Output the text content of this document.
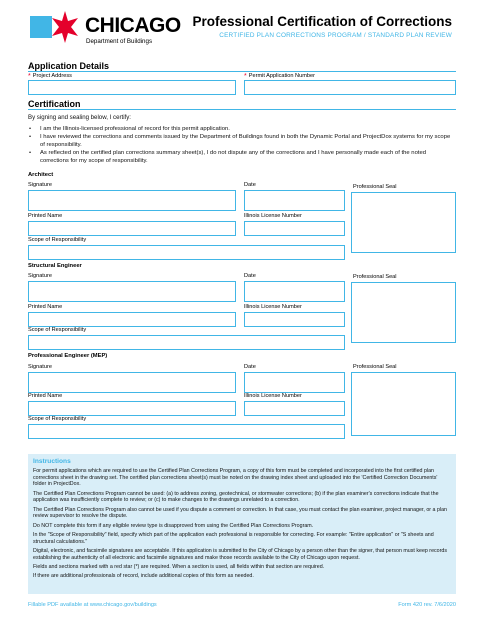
CHICAGO
Department of Buildings
Professional Certification of Corrections
CERTIFIED PLAN CORRECTIONS PROGRAM / STANDARD PLAN REVIEW
Application Details
* Project Address	* Permit Application Number
Certification
By signing and sealing below, I certify:
• I am the Illinois-licensed professional of record for this permit application.
• I have reviewed the corrections and comments issued by the Department of Buildings found in both the Dynamic Portal and ProjectDox systems for my scope of responsibility.
• As reflected on the certified plan corrections summary sheet(s), I do not dispute any of the corrections and I have personally made each of the noted corrections for my scope of responsibility.
Architect
Signature	Date	Professional Seal
Printed Name	Illinois License Number
Scope of Responsibility
Structural Engineer
Signature	Date	Professional Seal
Printed Name	Illinois License Number
Scope of Responsibility
Professional Engineer (MEP)
Signature	Date	Professional Seal
Printed Name	Illinois License Number
Scope of Responsibility
Instructions

For permit applications which are required to use the Certified Plan Corrections Program, a copy of this form must be completed and incorporated into the first certified plan corrections sheet in the drawing set. The certified plan corrections sheet(s) must be noted on the drawing index sheet and uploaded into the 'Certified Correction Documents' folder in ProjectDox.

The Certified Plan Corrections Program cannot be used: (a) to address zoning, geotechnical, or stormwater corrections; (b) if the plan examiner's corrections indicate that the application was insufficiently complete to review; or (c) to make changes to the drawings unrelated to a correction.

The Certified Plan Corrections Program also cannot be used if you dispute a comment or correction. In that case, you must contact the plan examiner, project manager, or a plan review supervisor to resolve the dispute.

Do NOT complete this form if any eligible review type is disapproved from using the Certified Plan Corrections Program.

In the "Scope of Responsibility" field, specify which part of the application each professional is responsible for correcting. For example: "Entire application" or "S sheets and structural calculations."

Digital, electronic, and facsimile signatures are acceptable. If this application is submitted to the City of Chicago by a person other than the signer, that person must keep records establishing the authenticity of all electronic and facsimile signatures and make those records available to the City of Chicago upon request.

Fields and sections marked with a red star (*) are required. When a section is used, all fields within that section are required.

If there are additional professionals of record, include additional copies of this form as needed.

Fillable PDF available at www.chicago.gov/buildings	Form 420 rev. 7/6/2020
